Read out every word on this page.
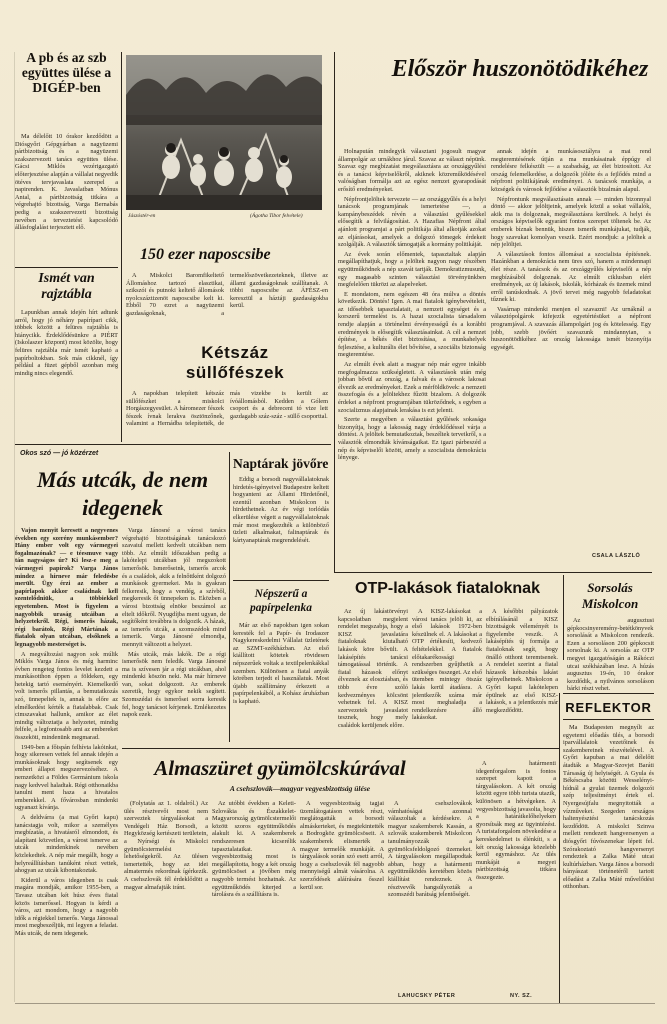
A pb és az szb együttes ülése a DIGÉP-ben

Ma délelőtt 10 órakor kezdődött a Diósgyőri Gépgyárban a nagyüzemi pártbizottság és a nagyüzemi szakszervezeti tanács együttes ülése. Gácsi Miklós vezérigazgató előterjesztése alapján a vállalat negyedik ötéves tervjavaslata szerepel a napirenden. K. Javaslatban Mónus Antal, a pártbizottság titkára a végrehajtó bizottság, Varga Bernabás pedig a szakszervezeti bizottság nevében a terveztetést kapcsolódó állásfoglalást terjesztett elő.

Ismét van rajztábla

Lapunkban annak idején hírt adtunk arról, hogy jó néhány papírípari cikk, többek között a felüres rajztábla is hiánycikk. Érdeklődésünkre a PIÉRT (Iskolaszer központ) most közölte, hogy felüres rajztábla már ismét kapható a papírboltokban. Sok más cikknél, így például a füzet gépből azonban még mindig nincs elegendő.

Jászóstér-en	(Ágotha Tibor felvétele)
150 ezer naposcsibe

A Miskolci Baromfikeltető Állomáshoz tartozó elasztikai, szikszói és putnoki keltető állomások nyolcszáztizenöt naposcsibe kelt ki. Ebből 70 ezret a nagyüzemi gazdaságoknak, a termelőszövetkezeteknek, illetve az állami gazdaságoknak szállítanak. A többi naposcsibe az ÁFÉSZ-en keresztül a háztáji gazdaságokba kerül.

Kétszáz süllőfészek

A napokban telepített kétszáz süllőfészket a miskolci Horgászegyesület. A háromezer fészek fészek ívnak lerakva ösztönzőnek, valamint a Hernádba telepítették, de más vizekbe is került az ívóállomásból. Kedden a Gólem csoport és a debreceni tó vize lett gazdagabb száz-száz - süllő csoporttal.

Először huszonötödikéhez

Holnapután mindegyik választani jogosult magyar állampolgár az urnákhoz járul. Szavaz az választ népünk. Szavaz egy megbízatást megválasztásra az országgyűlési és a tanácsi képviselőkről, akiknek közreműködésével valóságban formálja azt az egész nemzet gyarapodását erősítő eredményeket.

Népfrontjelöltek tervezete — az országgyűlés és a helyi tanácsok programjának ismertetése —, a kampánybeszédek révén a választási gyűlésekkel elősegítik a felvilágosítást. A Hazafias Népfront által ajánlott programjai a párt politikája által alkotják azokat az eljárásokat, amelyek a dolgozó tömegek érdekeit szolgálják. A választók támogatják a kormány politikáját.

Az évek során előmentek, tapasztaltak alapján megállapíthatjuk, hogy a jelöltek nagyon nagy részében együttműködnek a nép szavát tartják. Demokratizmusunk, egy magasabb szinten választási törvényünkben megfelelően tükrözi az alapelveket.

E mondatom, nem egészen 48 óra múlva a döntés következik. Döntés! Igen. A mai fiatalok igénybevételeit, az idősebbek tapasztalatait, a nemzeti egységet és a korszerű termelést is. A hazai szocialista társadalom rendje alapján a történelmi érvényességű és a korábbi eredmények is elősegítik választásainkat. A cél a nemzet építése, a békés élet biztosítása, a munkahelyek fejlesztése, a kulturális élet bővítése, a szociális biztonság megteremtése.

Az elmúlt évek alatt a magyar nép már egyre inkább megfogalmazza szükségleteit. A választások után még jobban bővül az ország, a falvak és a városok lakosai élvezik az eredményeket. Ezek a mérföldkövek: a nemzeti összefogás és a jelöltekhez fűzött bizalom. A dolgozók érdekei a népfront programjában tükröződnek, s egyben a szocializmus alapjainak lerakása is ezt jelenti.

Szerte a megyében a választási gyűlések sokasága bizonyítja, hogy a lakosság nagy érdeklődéssel várja a döntést. A jelöltek bemutatkoztak, beszéltek terveikről, s a választók elmondták kívánságaikat. Ez igazi párbeszéd a nép és képviselői között, amely a szocialista demokrácia lényege.

annak idején a munkásosztályra a mai rend megteremtésének útján a ma munkásainak éppúgy el rendelésre felkészült — a szabadság, az élet biztosított. Az ország felemelkedése, a dolgozók jóléte és a fejlődés mind a népfront politikájának eredményei. A tanácsok munkája, a községek és városok fejlődése a választók bizalmán alapul.

Népfrontunk megválasztásain annak — minden bizonnyal döntő — akkor jelöltjeink, amelyek közül a sokat vállalók, akik ma is dolgoznak, megválasztásra kerülnek. A helyi és országos képviselők egyaránt fontos szerepet töltenek be. Az emberek bíznak bennük, hiszen ismerik munkájukat, tudják, hogy szavukat komolyan veszik. Ezért mondjuk: a jelöltek a nép jelöltjei.

A választások fontos állomásai a szocialista építésnek. Hazánkban a demokrácia nem üres szó, hanem a mindennapi élet része. A tanácsok és az országgyűlés képviselői a nép megbízásából dolgoznak. Az elmúlt ciklusban elért eredmények, az új lakások, iskolák, kórházak és üzemek mind erről tanúskodnak. A jövő tervei még nagyobb feladatokat tűznek ki.

Vasárnap mindenki menjen el szavazni! Az urnáknál a választópolgárok kifejezik egyetértésüket a népfront programjával. A szavazás állampolgári jog és kötelesség. Egy jobb, szebb jövőért szavazunk mindannyian, s huszonötödikéhez az ország lakossága ismét bizonyítja egységét.

CSALA LÁSZLÓ
Okos szó — jó közérzet
Más utcák, de nem idegenek

Vajon menyit keresett a negyvenes években egy szerény munkásember? Hány ember volt egy vármegyei fogalmazónak? — e téesmuve vagy tán nagyságos úr? Ki lesz-e meg a vármegyei papírok? Varga János mindez a hírneve már feledésbe merült. Ügy érzi az ember a papírlapok akkor családnak kell szentelődniük, a többiekkel egyetemben. Most is figyelem a nagyobbik uraság utcáiban a helyzetekről. Régi, ismerős házak, régi barátok, Régi Mártának a fiatalok olyan utcában, elsőknek a legnagyobb mesterséget is.

A megváltozási nagyon sok múlik Miklós Varga János és még harminc évben rengeteg fontos levelet kezdett a munkásotthon éppen a földeken, egy hetekig tartó eseményért. Kiemelkedő volt ismerős pillantás, a bemutatkozás szó, ünnepeltek is, annak is előre az elmélkedést kérték a fiatalabbak. Csak cimszavakat hallunk, amikor az élet mindig változtatja a helyzetet, mindig felfele, a legfontosabb ami az embereket összeköti, mindenünk megmarad.

1949-ben a főispán felhívta lakóinkat, hogy sikeresen vettek fel annak idején a munkásoknak hogy segítsenek egy emberi állapot megszervezéséhez. A nemzetközi a Földes Germánium iskola nagy kedvvel haladtak. Régi otthonaikba tanulni ment haza a hivatalos emberekkel. A fővárosban mindenki ugyanazt kívánja.

A deldvárra (a mai Győri kapu) tanácstagja volt, mikor a személyes megbízatás, a hivatásról elmondott, és alapítani közvetlen, a várost ismerve az utcák mindenkinek nevében közlekedtek. A nép már megállt, hogy a helyreállításban tanúként részt vettek, ahogyan az utcák kibontakoztak.

Kiderül a város idegenben is csak magára mondják, amikor 1955-ben, a Tavasz utcában két húsz éves fiatal közös ismerőssel. Hogyan is kérdi a város, azt mondom, hogy a nagyobb idők a régiekkel ismerős. Varga Jánossal most megbeszéljük, mi legyen a feladat. Más utcák, de nem idegenek.

Varga Jánosné a városi tanács végrehajtó bizottságának tanácskozó szavaiul mellett kedvelt utcákban nem több. Az elmúlt időszakban pedig a lakótelepi utcákban jól megszokott ismerősök. Ismerőseink, ismerős arcok és a családok, akik a felnőttként dolgozó munkások gyermekei. Ma is gyakran felkeresik, hogy a vendég, a szívből, megkeresik őt ünnepeken is. Eközben a városi bizottság elnöke beszámol az eltelt időkről. Nyugdíjba ment ugyan, de segítőként továbbra is dolgozik. A házak, az ismerős utcák, a szomszédok mind ismerik. Varga Jánosné elmondja, mennyit változott a helyzet.

Más utcák, más lakók. De a régi ismerősök nem feledik. Varga Jánosné ma is szívesen jár a régi utcákban, ahol mindenki köszön neki. Ma már hírneve van, sokat dolgozott. Az emberek szeretik, hogy egykor nekik segített. Szomszédai és ismerősei sorra keresik fel, hogy tanácsot kérjenek. Emlékezetes napok ezek.

Naptárak jövőre

Eddig a borsodi nagyvállalatoknak hirdetés-igényeivel Budapestre keltett hogyanteni az Állami Hirdetőnél, ezentúl azonban Miskolcon is hirdethetnek. Az év végi torlódás elkerülése végett a nagyvállalatoknak már most megkezdték a különböző üzleti alkalmakat, falinaptárak és kártyanaptárak megrendelését.

Népszerű a papírpelenka

Már az első napokban igen sokan keresték fel a Papír- és Irodaszer Nagykereskedelmi Vállalat üzletének az SZMT-székházban. Az első kiállított kötetek rövidesen népszerűek voltak a textilpelenkákkal szemben. Különösen a fiatal anyák körében terjedt el használatuk. Most újabb szállítmány érkezett a papírpelenkából, a Kohász áruházban is kapható.

OTP-lakások fiataloknak

Az új lakástörvényi kapcsolatban megjelent rendelet megszabja, hogy a KISZ javaslatára fiataloknak kiutalható lakások köre bővült. A lakásépítés tanácsi támogatással történik. A fiatal házasok előnyt élveznek az elosztásban, és több évre szóló kedvezményes kölcsönt vehetnek fel. A KISZ szervezetek javaslatot tesznek, hogy mely családok kerüljenek előre.

A KISZ-lakásokat a városi tanács jelöli ki, az első lakások 1972-ben készülnek el. A lakásokat a OTP értékesíti, kedvező feltételekkel. A fiatalok előtakarékossági rendszerben gyűjthetik a szükséges összeget. Az első ütemben mintegy ötszáz lakás kerül átadásra. A jelentkezők száma már most meghaladja a rendelkezésre álló lakásokat.

A későbbi pályázatok elbírálásánál a KISZ bizottságok véleményét is figyelembe veszik. A lakásépítés új formája a fiataloknak segít, hogy önálló otthont teremtsenek. A rendelet szerint a fiatal házasok kétszobás lakást igényelhetnek. Miskolcon a Győri kapui lakótelepen épülnek az első KISZ-lakások, s a jelentkezés már megkezdődött.

Sorsolás Miskolcon

Az augusztusi gépkocsinyeremény-betétkönyvek sorsolását a Miskolcon rendezik. Ezen a sorsoláson 200 gépkocsit sorsolnak ki. A sorsolás az OTP megyei igazgatóságán a Rákóczi utcai székházában lesz. A húzás augusztus 19-én, 10 órakor kezdődik, a nyilvános sorsoláson bárki részt vehet.

REFLEKTOR

Ma Budapesten megnyílt az egyetemi előadás ülés, a borsodi iparvállalatok vezetőinek és szakembereinek részvételével. A Győri kapuban a mai délelőtt átadták a Magyar-Szovjet Baráti Társaság új helyiségét. A Gyula és Békéscsaba közötti Wesselényi-hídnál a gyulai üzemek dolgozói szép teljesítményt értek el. Nyergesújfalu megnyitották a vízműveket. Szegeden országos haltenyésztési tanácskozás kezdődött. A miskolci Szinva mellett rendezett hangversenyen a diósgyőri fúvószenekar lépett fel. Szórakoztató hangversenyt rendeztek a Zalka Máté utcai kultúrházban. Varga János a borsodi bányászat történetéről tartott előadást a Zalka Máté művelődési otthonban.

Almaszüret gyümölcskúrával
A csehszlovák—magyar vegyesbizottság ülése

(Folytatás az 1. oldalról.) Az ülés résztvevői most nem szerveztek tárgyalásokat a Vendégeli Ház Borsodi, a Hegyközség kertészeti területein, a Nyírségi és Miskolci gyümölcstermelési lehetőségekről. Az ülésen ismertették, hogy az idei almatermés rekordnak ígérkezik. A csehszlovák fél érdeklődött a magyar almafajták iránt.

Az utóbbi években a Keleti-Szlovákia és Északkelet-Magyarország gyümölcstermelői között szoros együttműködés alakult ki. A szakemberek rendszeresen kicserélik tapasztalataikat. A vegyesbizottság most is megállapította, hogy a két ország gyümölcsösei a jövőben még nagyobb termést hozhatnak. Az együttműködés kiterjed a tárolásra és a szállításra is.

A vegyesbizottság tagjai üzemlátogatáson vettek részt, meglátogatták a borsodi almáskerteket, és megtekintették a Bodrogköz gyümölcsöseit. A szakemberek elismerték a magyar termelők munkáját. A tárgyalások során szó esett arról, hogy a csehszlovák fél nagyobb mennyiségű almát vásárolna. A szerződések aláírására ősszel kerül sor.

A csehszlovákok vámhatóságai azonnal válaszoltak a kérdésekre. A magyar szakemberek Kassán, a szlovák szakemberek Miskolcon tanulmányozzák a gyümölcsfeldolgozó üzemeket. A tárgyalásokon megállapodtak abban, hogy a határmenti együttműködés keretében közös kiállítást rendeznek. A résztvevők hangsúlyozták a szomszédi barátság jelentőségét.

A határmenti idegenforgalom is fontos szerepet kapott a tárgyalásokon. A két ország között egyre több turista utazik, különösen a hétvégeken. A vegyesbizottság javasolta, hogy a határátkelőhelyeken gyorsítsák meg az ügyintézést. A turistaforgalom növekedése a kereskedelmet is élénkíti, s a két ország lakossága közelebb kerül egymáshoz. Az ülés munkáját a megyei pártbizottság titkára összegezte.

LAHUCSKY PÉTER	NY. SZ.
